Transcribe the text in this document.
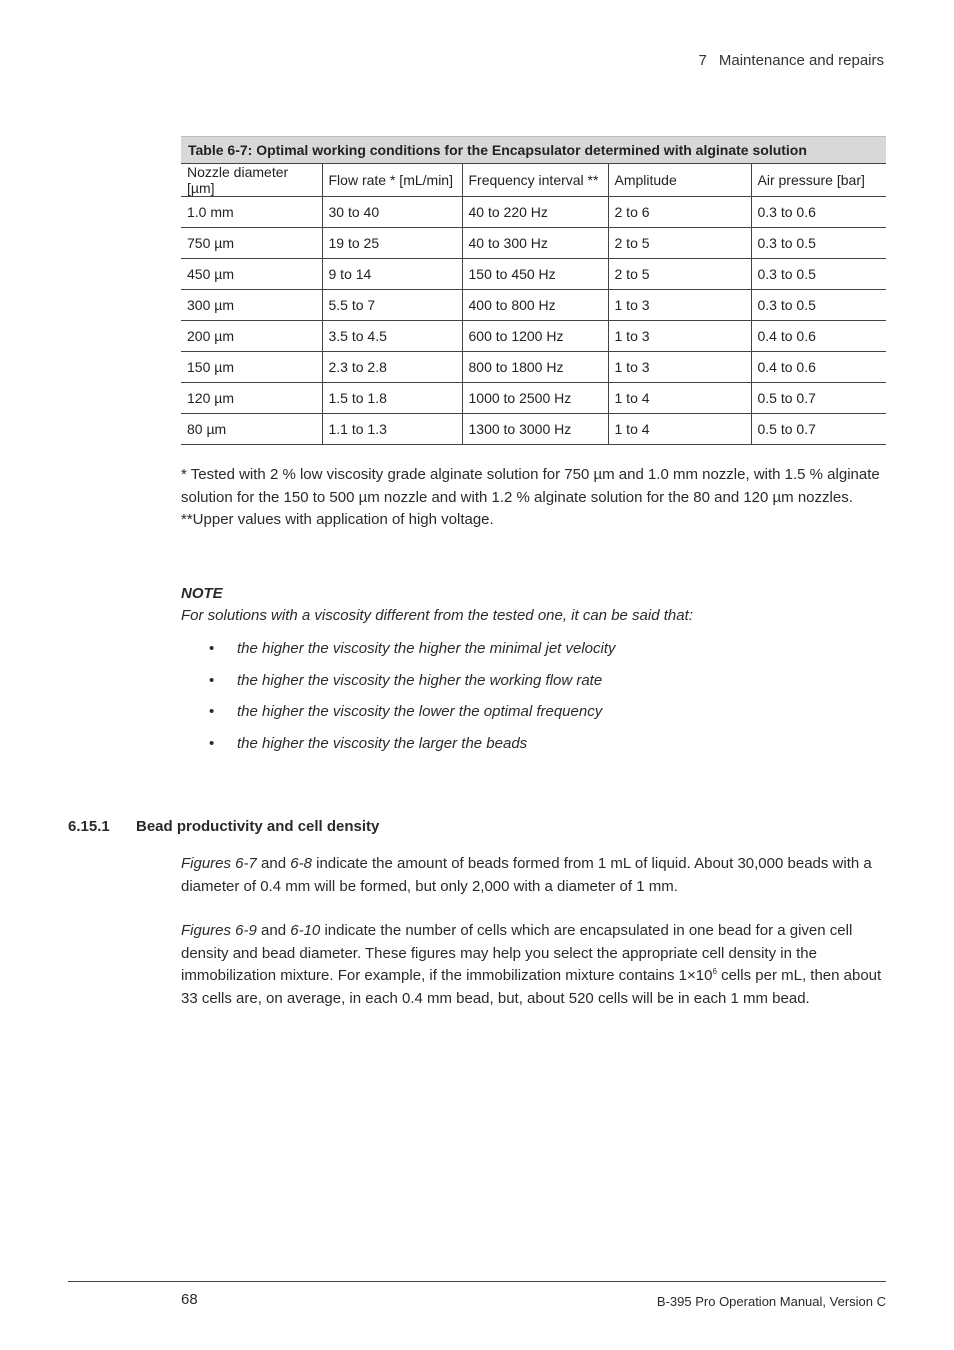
7 Maintenance and repairs
Table 6-7: Optimal working conditions for the Encapsulator determined with alginate solution				
Nozzle diameter [µm]	Flow rate * [mL/min]	Frequency interval **	Amplitude	Air pressure [bar]
1.0 mm	30 to 40	40 to 220 Hz	2 to 6	0.3 to 0.6
750 µm	19 to 25	40 to 300 Hz	2 to 5	0.3 to 0.5
450 µm	9 to 14	150 to 450 Hz	2 to 5	0.3 to 0.5
300 µm	5.5 to 7	400 to 800 Hz	1 to 3	0.3 to 0.5
200 µm	3.5 to 4.5	600 to 1200 Hz	1 to 3	0.4 to 0.6
150 µm	2.3 to 2.8	800 to 1800 Hz	1 to 3	0.4 to 0.6
120 µm	1.5 to 1.8	1000 to 2500 Hz	1 to 4	0.5 to 0.7
80 µm	1.1 to 1.3	1300 to 3000 Hz	1 to 4	0.5 to 0.7

* Tested with 2 % low viscosity grade alginate solution for 750 µm and 1.0 mm nozzle, with 1.5 % alginate solution for the 150 to 500 µm nozzle and with 1.2 % alginate solution for the 80 and 120 µm nozzles.

**Upper values with application of high voltage.

NOTE
For solutions with a viscosity different from the tested one, it can be said that:
• the higher the viscosity the higher the minimal jet velocity
• the higher the viscosity the higher the working flow rate
• the higher the viscosity the lower the optimal frequency
• the higher the viscosity the larger the beads
6.15.1 Bead productivity and cell density

Figures 6-7 and 6-8 indicate the amount of beads formed from 1 mL of liquid. About 30,000 beads with a diameter of 0.4 mm will be formed, but only 2,000 with a diameter of 1 mm.

Figures 6-9 and 6-10 indicate the number of cells which are encapsulated in one bead for a given cell density and bead diameter. These figures may help you select the appropriate cell density in the immobilization mixture. For example, if the immobilization mixture contains $1\times 10^6$ cells per mL, then about 33 cells are, on average, in each 0.4 mm bead, but, about 520 cells will be in each 1 mm bead.

68	B-395 Pro Operation Manual, Version C
